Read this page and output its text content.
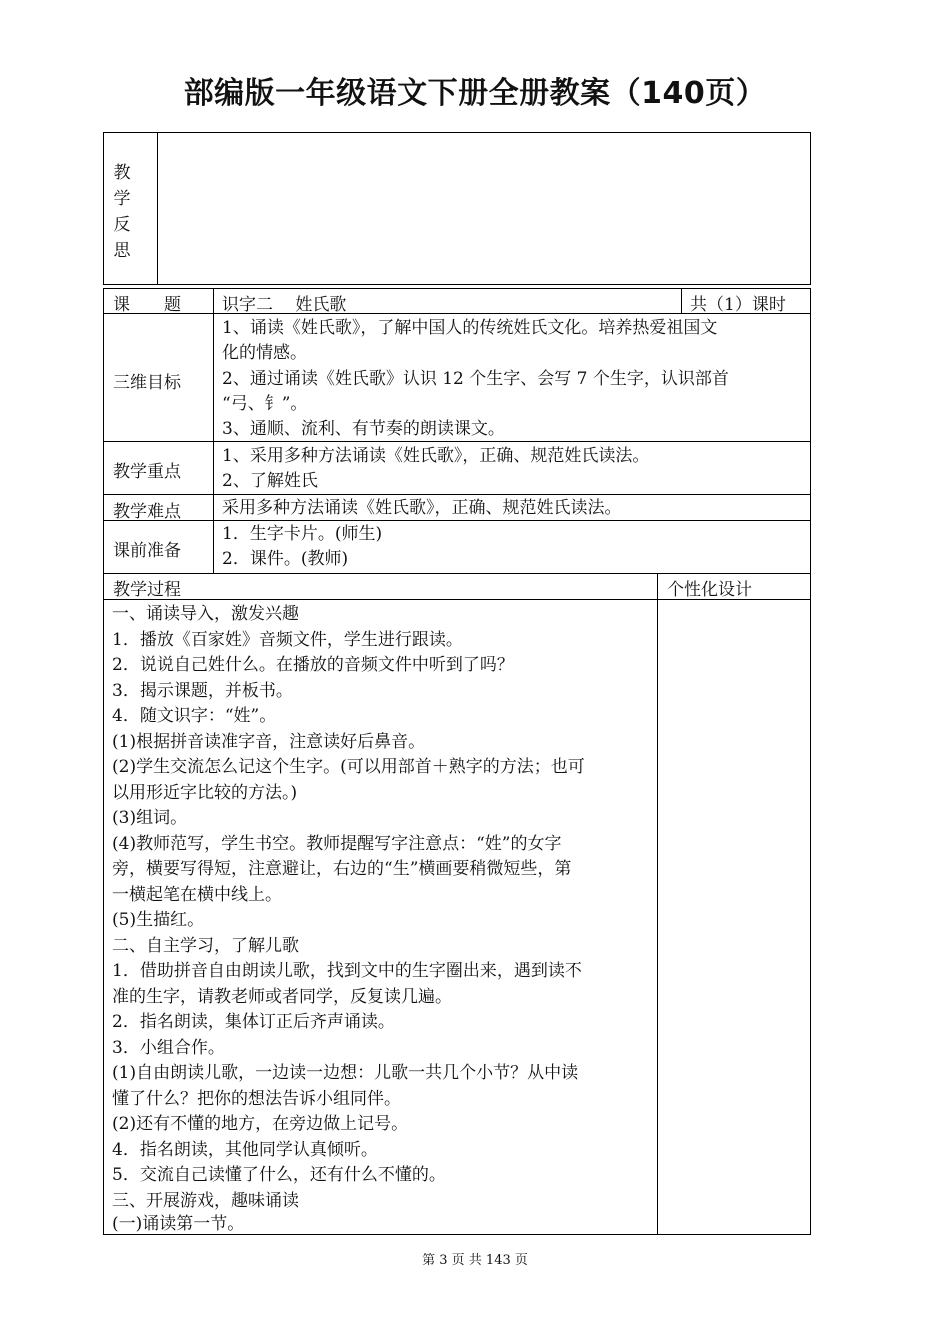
部编版一年级语文下册全册教案（140页）
教
学
反
思
课　　题 识字二　 姓氏歌	共（1）课时
三维目标
1、诵读《姓氏歌》，了解中国人的传统姓氏文化。培养热爱祖国文
化的情感。
2、通过诵读《姓氏歌》认识 12 个生字、会写 7 个生字，认识部首
“弓、钅”。
3、通顺、流利、有节奏的朗读课文。
教学重点
1、采用多种方法诵读《姓氏歌》，正确、规范姓氏读法。
2、了解姓氏
教学难点 采用多种方法诵读《姓氏歌》，正确、规范姓氏读法。
课前准备
1．生字卡片。(师生)
2．课件。(教师)
教学过程	个性化设计
一、诵读导入，激发兴趣
1．播放《百家姓》音频文件，学生进行跟读。
2．说说自己姓什么。在播放的音频文件中听到了吗？
3．揭示课题，并板书。
4．随文识字：“姓”。
(1)根据拼音读准字音，注意读好后鼻音。
(2)学生交流怎么记这个生字。(可以用部首＋熟字的方法；也可
以用形近字比较的方法。)
(3)组词。
(4)教师范写，学生书空。教师提醒写字注意点：“姓”的女字
旁，横要写得短，注意避让，右边的“生”横画要稍微短些，第
一横起笔在横中线上。
(5)生描红。
二、自主学习，了解儿歌
1．借助拼音自由朗读儿歌，找到文中的生字圈出来，遇到读不
准的生字，请教老师或者同学，反复读几遍。
2．指名朗读，集体订正后齐声诵读。
3．小组合作。
(1)自由朗读儿歌，一边读一边想：儿歌一共几个小节？从中读
懂了什么？把你的想法告诉小组同伴。
(2)还有不懂的地方，在旁边做上记号。
4．指名朗读，其他同学认真倾听。
5．交流自己读懂了什么，还有什么不懂的。
三、开展游戏，趣味诵读
(一)诵读第一节。
第 3 页 共 143 页
